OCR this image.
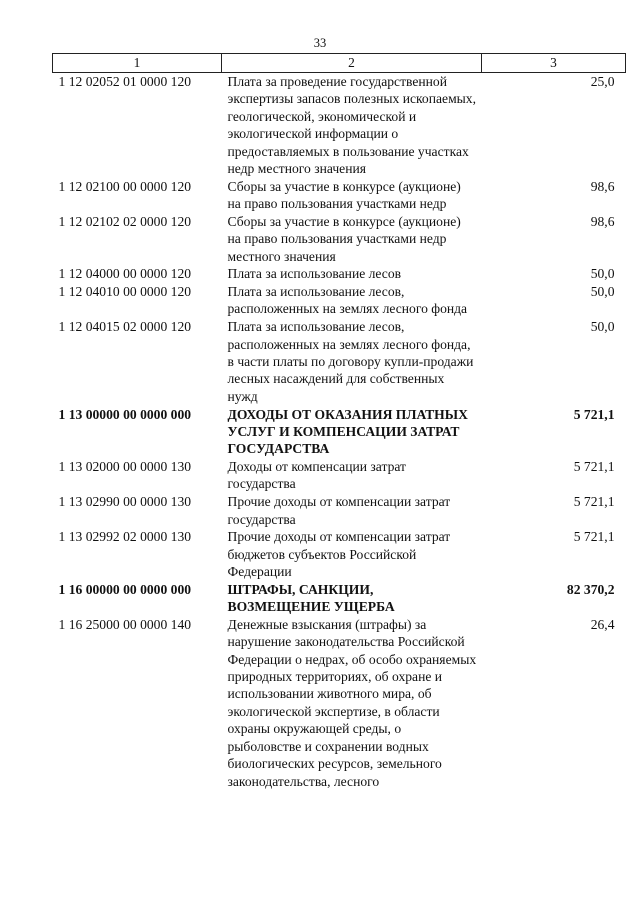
33
1	2	3
1 12 02052 01 0000 120	Плата за проведение государственной экспертизы запасов полезных ископаемых, геологической, экономической и экологической информации о предоставляемых в пользование участках недр местного значения	25,0
1 12 02100 00 0000 120	Сборы за участие в конкурсе (аукционе) на право пользования участками недр	98,6
1 12 02102 02 0000 120	Сборы за участие в конкурсе (аукционе) на право пользования участками недр местного значения	98,6
1 12 04000 00 0000 120	Плата за использование лесов	50,0
1 12 04010 00 0000 120	Плата за использование лесов, расположенных на землях лесного фонда	50,0
1 12 04015 02 0000 120	Плата за использование лесов, расположенных на землях лесного фонда, в части платы по договору купли-продажи лесных насаждений для собственных нужд	50,0
1 13 00000 00 0000 000	ДОХОДЫ ОТ ОКАЗАНИЯ ПЛАТНЫХ УСЛУГ И КОМПЕНСАЦИИ ЗАТРАТ ГОСУДАРСТВА	5 721,1
1 13 02000 00 0000 130	Доходы от компенсации затрат государства	5 721,1
1 13 02990 00 0000 130	Прочие доходы от компенсации затрат государства	5 721,1
1 13 02992 02 0000 130	Прочие доходы от компенсации затрат бюджетов субъектов Российской Федерации	5 721,1
1 16 00000 00 0000 000	ШТРАФЫ, САНКЦИИ, ВОЗМЕЩЕНИЕ УЩЕРБА	82 370,2
1 16 25000 00 0000 140	Денежные взыскания (штрафы) за нарушение законодательства Российской Федерации о недрах, об особо охраняемых природных территориях, об охране и использовании животного мира, об экологической экспертизе, в области охраны окружающей среды, о рыболовстве и сохранении водных биологических ресурсов, земельного законодательства, лесного	26,4
